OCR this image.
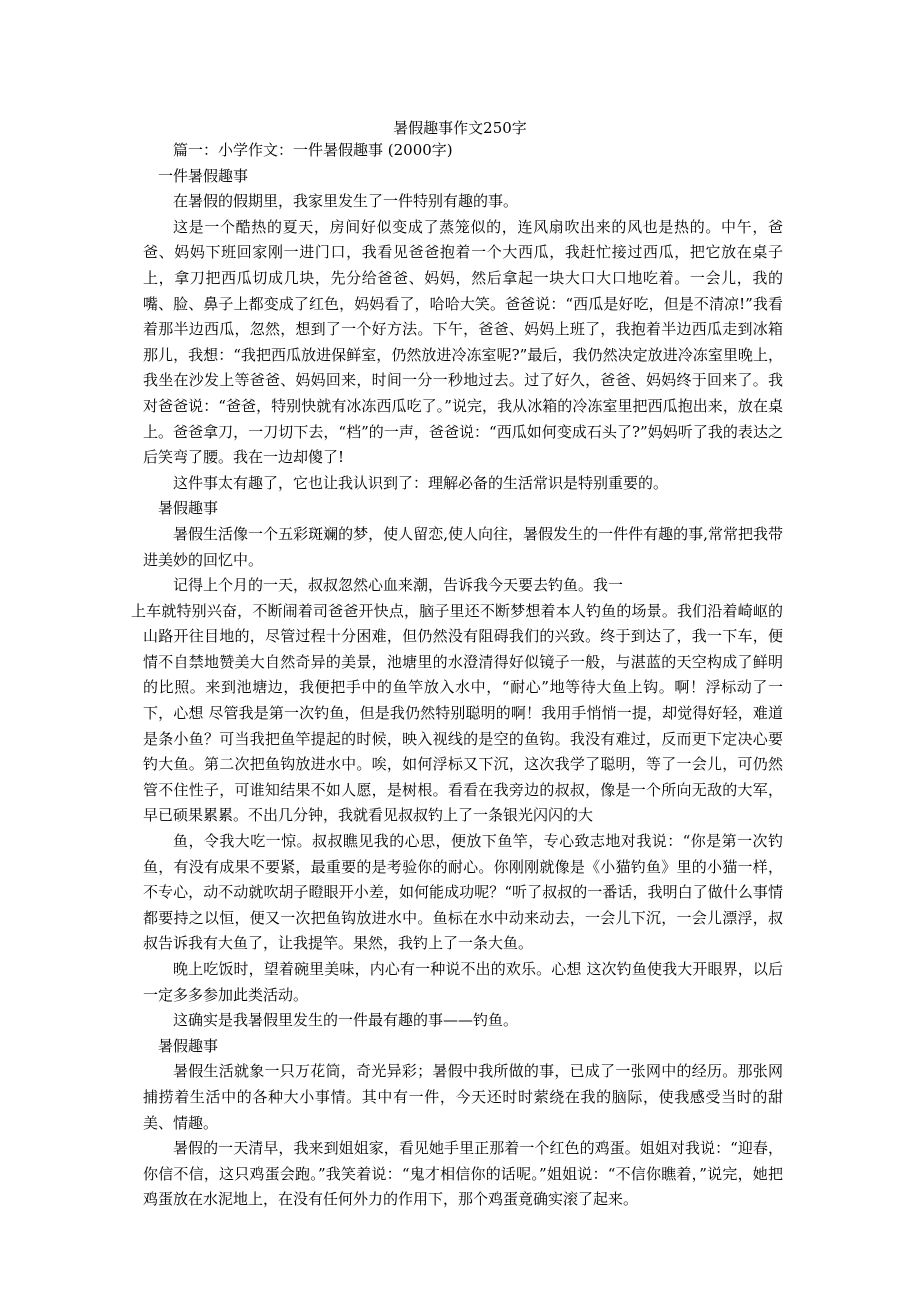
暑假趣事作文250字

篇一：小学作文：一件暑假趣事 (2000字)

一件暑假趣事

在暑假的假期里，我家里发生了一件特别有趣的事。

这是一个酷热的夏天，房间好似变成了蒸笼似的，连风扇吹出来的风也是热的。中午，爸爸、妈妈下班回家刚一进门口，我看见爸爸抱着一个大西瓜，我赶忙接过西瓜，把它放在桌子上，拿刀把西瓜切成几块，先分给爸爸、妈妈，然后拿起一块大口大口地吃着。一会儿，我的嘴、脸、鼻子上都变成了红色，妈妈看了，哈哈大笑。爸爸说：“西瓜是好吃，但是不清凉!”我看着那半边西瓜，忽然，想到了一个好方法。下午，爸爸、妈妈上班了，我抱着半边西瓜走到冰箱那儿，我想：“我把西瓜放进保鲜室，仍然放进冷冻室呢?”最后，我仍然决定放进冷冻室里晚上，我坐在沙发上等爸爸、妈妈回来，时间一分一秒地过去。过了好久，爸爸、妈妈终于回来了。我对爸爸说：“爸爸，特别快就有冰冻西瓜吃了。”说完，我从冰箱的冷冻室里把西瓜抱出来，放在桌上。爸爸拿刀，一刀切下去，“档”的一声，爸爸说：“西瓜如何变成石头了?”妈妈听了我的表达之后笑弯了腰。我在一边却傻了!

这件事太有趣了，它也让我认识到了：理解必备的生活常识是特别重要的。

暑假趣事

暑假生活像一个五彩斑斓的梦，使人留恋,使人向往，暑假发生的一件件有趣的事,常常把我带进美妙的回忆中。

记得上个月的一天，叔叔忽然心血来潮，告诉我今天要去钓鱼。我一

上车就特别兴奋，不断闹着司爸爸开快点，脑子里还不断梦想着本人钓鱼的场景。我们沿着崎岖的山路开往目地的，尽管过程十分困难，但仍然没有阻碍我们的兴致。终于到达了，我一下车，便情不自禁地赞美大自然奇异的美景，池塘里的水澄清得好似镜子一般，与湛蓝的天空构成了鲜明的比照。来到池塘边，我便把手中的鱼竿放入水中，“耐心”地等待大鱼上钩。啊！浮标动了一下，心想 尽管我是第一次钓鱼，但是我仍然特别聪明的啊！我用手悄悄一提，却觉得好轻，难道是条小鱼？可当我把鱼竿提起的时候，映入视线的是空的鱼钩。我没有难过，反而更下定决心要钓大鱼。第二次把鱼钩放进水中。唉，如何浮标又下沉，这次我学了聪明，等了一会儿，可仍然管不住性子，可谁知结果不如人愿，是树根。看看在我旁边的叔叔，像是一个所向无敌的大军，早已硕果累累。不出几分钟，我就看见叔叔钓上了一条银光闪闪的大

鱼，令我大吃一惊。叔叔瞧见我的心思，便放下鱼竿，专心致志地对我说：“你是第一次钓鱼，有没有成果不要紧，最重要的是考验你的耐心。你刚刚就像是《小猫钓鱼》里的小猫一样，不专心，动不动就吹胡子瞪眼开小差，如何能成功呢？“听了叔叔的一番话，我明白了做什么事情都要持之以恒，便又一次把鱼钩放进水中。鱼标在水中动来动去，一会儿下沉，一会儿漂浮，叔叔告诉我有大鱼了，让我提竿。果然，我钓上了一条大鱼。

晚上吃饭时，望着碗里美味，内心有一种说不出的欢乐。心想 这次钓鱼使我大开眼界，以后一定多多参加此类活动。

这确实是我暑假里发生的一件最有趣的事——钓鱼。

暑假趣事

暑假生活就象一只万花筒，奇光异彩；暑假中我所做的事，已成了一张网中的经历。那张网捕捞着生活中的各种大小事情。其中有一件，今天还时时萦绕在我的脑际，使我感受当时的甜美、情趣。

暑假的一天清早，我来到姐姐家，看见她手里正那着一个红色的鸡蛋。姐姐对我说：“迎春，你信不信，这只鸡蛋会跑。”我笑着说：“鬼才相信你的话呢。”姐姐说：“不信你瞧着，”说完，她把鸡蛋放在水泥地上，在没有任何外力的作用下，那个鸡蛋竟确实滚了起来。
